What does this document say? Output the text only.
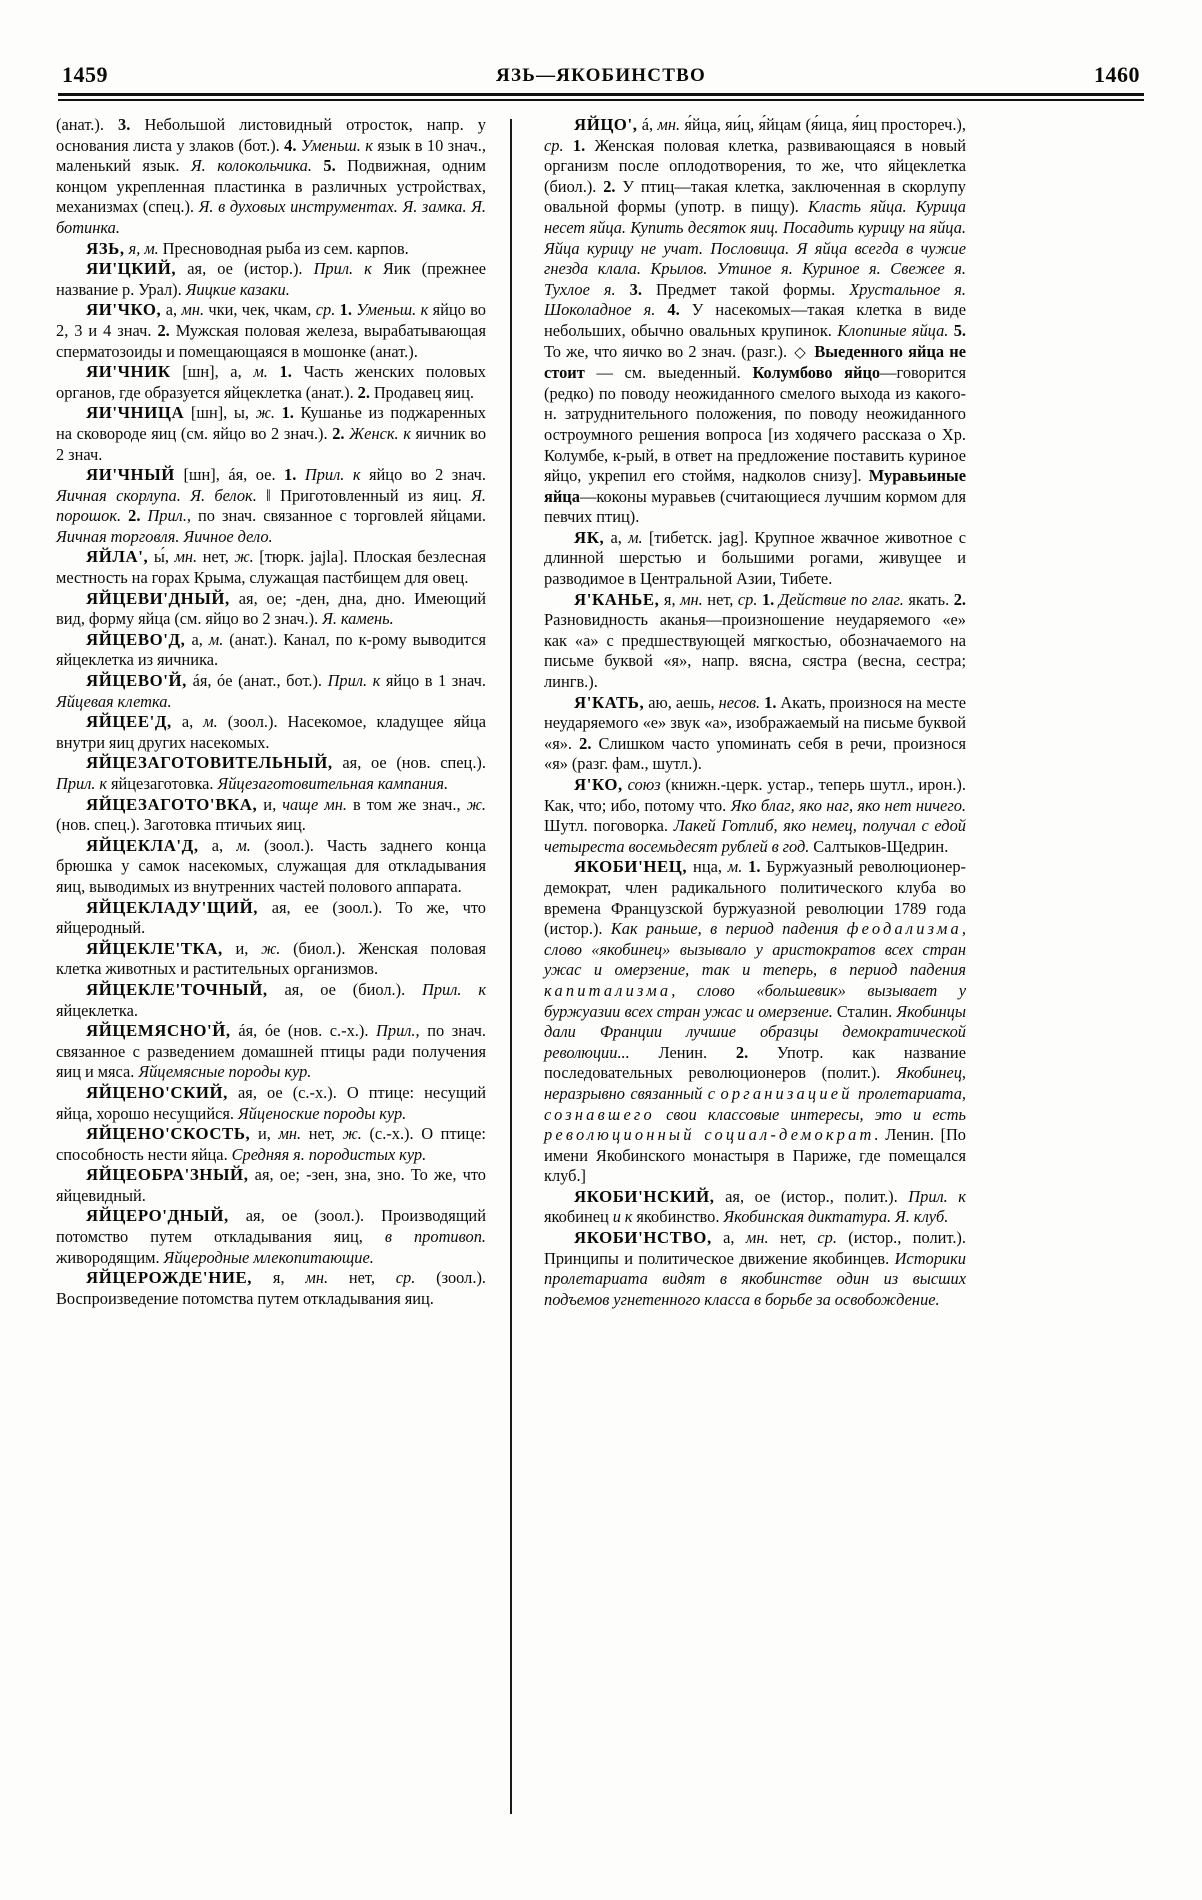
1459	ЯЗЬ—ЯКОБИНСТВО	1460

(анат.). 3. Небольшой листовидный отросток, напр. у основания листа у злаков (бот.). 4. Уменьш. к язык в 10 знач., маленький язык. Я. колокольчика. 5. Подвижная, одним концом укрепленная пластинка в различных устройствах, механизмах (спец.). Я. в духовых инструментах. Я. замка. Я. ботинка.

ЯЗЬ, я, м. Пресноводная рыба из сем. карпов.

ЯИ'ЦКИЙ, ая, ое (истор.). Прил. к Яик (прежнее название р. Урал). Яицкие казаки.

ЯИ'ЧКО, а, мн. чки, чек, чкам, ср. 1. Уменьш. к яйцо во 2, 3 и 4 знач. 2. Мужская половая железа, вырабатывающая сперматозоиды и помещающаяся в мошонке (анат.).

ЯИ'ЧНИК [шн], а, м. 1. Часть женских половых органов, где образуется яйцеклетка (анат.). 2. Продавец яиц.

ЯИ'ЧНИЦА [шн], ы, ж. 1. Кушанье из поджаренных на сковороде яиц (см. яйцо во 2 знач.). 2. Женск. к яичник во 2 знач.

ЯИ'ЧНЫЙ [шн], áя, ое. 1. Прил. к яйцо во 2 знач. Яичная скорлупа. Я. белок. ‖ Приготовленный из яиц. Я. порошок. 2. Прил., по знач. связанное с торговлей яйцами. Яичная торговля. Яичное дело.

ЯЙЛА', ы́, мн. нет, ж. [тюрк. jajla]. Плоская безлесная местность на горах Крыма, служащая пастбищем для овец.

ЯЙЦЕВИ'ДНЫЙ, ая, ое; -ден, дна, дно. Имеющий вид, форму яйца (см. яйцо во 2 знач.). Я. камень.

ЯЙЦЕВО'Д, а, м. (анат.). Канал, по к-рому выводится яйцеклетка из яичника.

ЯЙЦЕВО'Й, áя, óе (анат., бот.). Прил. к яйцо в 1 знач. Яйцевая клетка.

ЯЙЦЕЕ'Д, а, м. (зоол.). Насекомое, кладущее яйца внутри яиц других насекомых.

ЯЙЦЕЗАГОТОВИТЕЛЬНЫЙ, ая, ое (нов. спец.). Прил. к яйцезаготовка. Яйцезаготовительная кампания.

ЯЙЦЕЗАГОТО'ВКА, и, чаще мн. в том же знач., ж. (нов. спец.). Заготовка птичьих яиц.

ЯЙЦЕКЛА'Д, а, м. (зоол.). Часть заднего конца брюшка у самок насекомых, служащая для откладывания яиц, выводимых из внутренних частей полового аппарата.

ЯЙЦЕКЛАДУ'ЩИЙ, ая, ее (зоол.). То же, что яйцеродный.

ЯЙЦЕКЛЕ'ТКА, и, ж. (биол.). Женская половая клетка животных и растительных организмов.

ЯЙЦЕКЛЕ'ТОЧНЫЙ, ая, ое (биол.). Прил. к яйцеклетка.

ЯЙЦЕМЯСНО'Й, áя, óе (нов. с.-х.). Прил., по знач. связанное с разведением домашней птицы ради получения яиц и мяса. Яйцемясные породы кур.

ЯЙЦЕНО'СКИЙ, ая, ое (с.-х.). О птице: несущий яйца, хорошо несущийся. Яйценоские породы кур.

ЯЙЦЕНО'СКОСТЬ, и, мн. нет, ж. (с.-х.). О птице: способность нести яйца. Средняя я. породистых кур.

ЯЙЦЕОБРА'ЗНЫЙ, ая, ое; -зен, зна, зно. То же, что яйцевидный.

ЯЙЦЕРО'ДНЫЙ, ая, ое (зоол.). Производящий потомство путем откладывания яиц, в противоп. живородящим. Яйцеродные млекопитающие.

ЯЙЦЕРОЖДЕ'НИЕ, я, мн. нет, ср. (зоол.). Воспроизведение потомства путем откладывания яиц.

ЯЙЦО', á, мн. я́йца, яи́ц, я́йцам (я́ица, я́иц простореч.), ср. 1. Женская половая клетка, развивающаяся в новый организм после оплодотворения, то же, что яйцеклетка (биол.). 2. У птиц—такая клетка, заключенная в скорлупу овальной формы (употр. в пищу). Класть яйца. Курица несет яйца. Купить десяток яиц. Посадить курицу на яйца. Яйца курицу не учат. Пословица. Я яйца всегда в чужие гнезда клала. Крылов. Утиное я. Куриное я. Свежее я. Тухлое я. 3. Предмет такой формы. Хрустальное я. Шоколадное я. 4. У насекомых—такая клетка в виде небольших, обычно овальных крупинок. Клопиные яйца. 5. То же, что яичко во 2 знач. (разг.). ◇ Выеденного яйца не стоит — см. выеденный. Колумбово яйцо—говорится (редко) по поводу неожиданного смелого выхода из какого-н. затруднительного положения, по поводу неожиданного остроумного решения вопроса [из ходячего рассказа о Хр. Колумбе, к-рый, в ответ на предложение поставить куриное яйцо, укрепил его стоймя, надколов снизу]. Муравьиные яйца—коконы муравьев (считающиеся лучшим кормом для певчих птиц).

ЯК, а, м. [тибетск. jag]. Крупное жвачное животное с длинной шерстью и большими рогами, живущее и разводимое в Центральной Азии, Тибете.

Я'КАНЬЕ, я, мн. нет, ср. 1. Действие по глаг. якать. 2. Разновидность аканья—произношение неударяемого «е» как «а» с предшествующей мягкостью, обозначаемого на письме буквой «я», напр. вясна, сястра (весна, сестра; лингв.).

Я'КАТЬ, аю, аешь, несов. 1. Акать, произнося на месте неударяемого «е» звук «а», изображаемый на письме буквой «я». 2. Слишком часто упоминать себя в речи, произнося «я» (разг. фам., шутл.).

Я'КО, союз (книжн.-церк. устар., теперь шутл., ирон.). Как, что; ибо, потому что. Яко благ, яко наг, яко нет ничего. Шутл. поговорка. Лакей Готлиб, яко немец, получал с едой четыреста восемьдесят рублей в год. Салтыков-Щедрин.

ЯКОБИ'НЕЦ, нца, м. 1. Буржуазный революционер-демократ, член радикального политического клуба во времена Французской буржуазной революции 1789 года (истор.). Как раньше, в период падения феодализма, слово «якобинец» вызывало у аристократов всех стран ужас и омерзение, так и теперь, в период падения капитализма, слово «большевик» вызывает у буржуазии всех стран ужас и омерзение. Сталин. Якобинцы дали Франции лучшие образцы демократической революции... Ленин. 2. Употр. как название последовательных революционеров (полит.). Якобинец, неразрывно связанный с организацией пролетариата, сознавшего свои классовые интересы, это и есть революционный социал-демократ. Ленин. [По имени Якобинского монастыря в Париже, где помещался клуб.]

ЯКОБИ'НСКИЙ, ая, ое (истор., полит.). Прил. к якобинец и к якобинство. Якобинская диктатура. Я. клуб.

ЯКОБИ'НСТВО, а, мн. нет, ср. (истор., полит.). Принципы и политическое движение якобинцев. Историки пролетариата видят в якобинстве один из высших подъемов угнетенного класса в борьбе за освобождение.
